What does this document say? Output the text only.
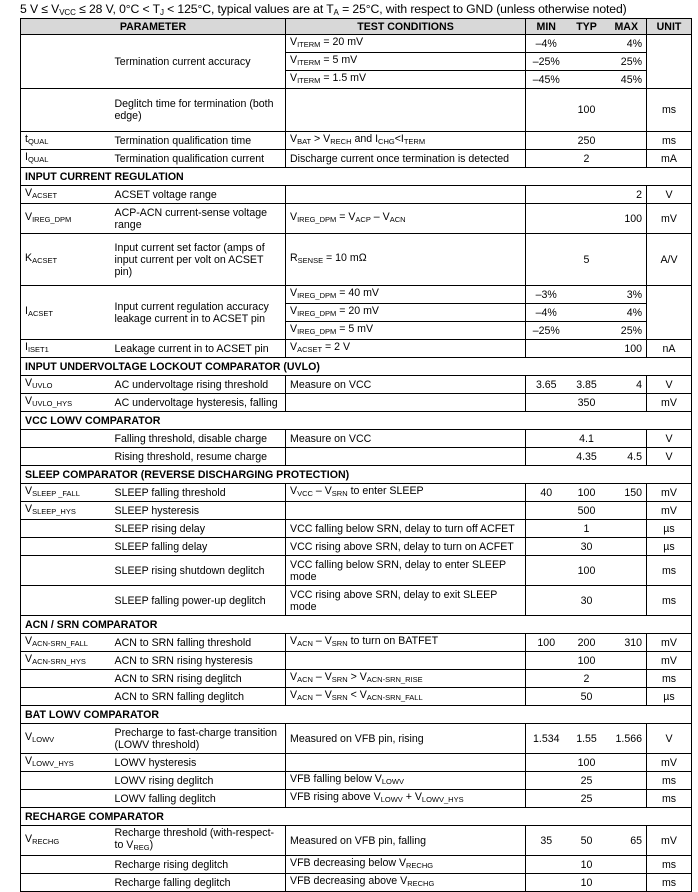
5 $V \le V_{VCC} \le 28$ V, $0^\circ C < T_J < 125^\circ C$, typical values are at $T_A = 25^\circ C$, with respect to GND (unless otherwise noted)
PARAMETER		TEST CONDITIONS	MIN	TYP	MAX	UNIT
	Termination current accuracy	$V_{ITERM} = 20$ mV	–4%		4%	
		$V_{ITERM} = 5$ mV	–25%		25%	
		$V_{ITERM} = 1.5$ mV	–45%		45%	
	Deglitch time for termination (both edge)			100		ms
$t_{QUAL}$	Termination qualification time	$V_{BAT} > V_{RECH}$ and $I_{CHG}<I_{TERM}$		250		ms
$I_{QUAL}$	Termination qualification current	Discharge current once termination is detected		2		mA
INPUT CURRENT REGULATION						
$V_{ACSET}$	ACSET voltage range				2	V
$V_{IREG\_DPM}$	ACP-ACN current-sense voltage range	$V_{IREG\_DPM} = V_{ACP} - V_{ACN}$			100	mV
$K_{ACSET}$	Input current set factor (amps of input current per volt on ACSET pin)	$R_{SENSE} = 10$ mΩ		5		A/V
$I_{ACSET}$	Input current regulation accuracy leakage current in to ACSET pin	$V_{IREG\_DPM} = 40$ mV	–3%		3%	
		$V_{IREG\_DPM} = 20$ mV	–4%		4%	
		$V_{IREG\_DPM} = 5$ mV	–25%		25%	
$I_{ISET1}$	Leakage current in to ACSET pin	$V_{ACSET} = 2$ V			100	nA
INPUT UNDERVOLTAGE LOCKOUT COMPARATOR (UVLO)						
$V_{UVLO}$	AC undervoltage rising threshold	Measure on VCC	3.65	3.85	4	V
$V_{UVLO\_HYS}$	AC undervoltage hysteresis, falling			350		mV
VCC LOWV COMPARATOR						
	Falling threshold, disable charge	Measure on VCC		4.1		V
	Rising threshold, resume charge			4.35	4.5	V
SLEEP COMPARATOR (REVERSE DISCHARGING PROTECTION)						
$V_{SLEEP \_FALL}$	SLEEP falling threshold	$V_{VCC} - V_{SRN}$ to enter SLEEP	40	100	150	mV
$V_{SLEEP\_HYS}$	SLEEP hysteresis			500		mV
	SLEEP rising delay	VCC falling below SRN, delay to turn off ACFET		1		µs
	SLEEP falling delay	VCC rising above SRN, delay to turn on ACFET		30		µs
	SLEEP rising shutdown deglitch	VCC falling below SRN, delay to enter SLEEP mode		100		ms
	SLEEP falling power-up deglitch	VCC rising above SRN, delay to exit SLEEP mode		30		ms
ACN / SRN COMPARATOR						
$V_{ACN-SRN\_FALL}$	ACN to SRN falling threshold	$V_{ACN} - V_{SRN}$ to turn on BATFET	100	200	310	mV
$V_{ACN-SRN\_HYS}$	ACN to SRN rising hysteresis			100		mV
	ACN to SRN rising deglitch	$V_{ACN} - V_{SRN} > V_{ACN-SRN\_RISE}$		2		ms
	ACN to SRN falling deglitch	$V_{ACN} - V_{SRN} < V_{ACN-SRN\_FALL}$		50		µs
BAT LOWV COMPARATOR						
$V_{LOWV}$	Precharge to fast-charge transition (LOWV threshold)	Measured on VFB pin, rising	1.534	1.55	1.566	V
$V_{LOWV\_HYS}$	LOWV hysteresis			100		mV
	LOWV rising deglitch	VFB falling below $V_{LOWV}$		25		ms
	LOWV falling deglitch	VFB rising above $V_{LOWV} + V_{LOWV\_HYS}$		25		ms
RECHARGE COMPARATOR						
$V_{RECHG}$	Recharge threshold (with-respect-to $V_{REG}$)	Measured on VFB pin, falling	35	50	65	mV
	Recharge rising deglitch	VFB decreasing below $V_{RECHG}$		10		ms
	Recharge falling deglitch	VFB decreasing above $V_{RECHG}$		10		ms
